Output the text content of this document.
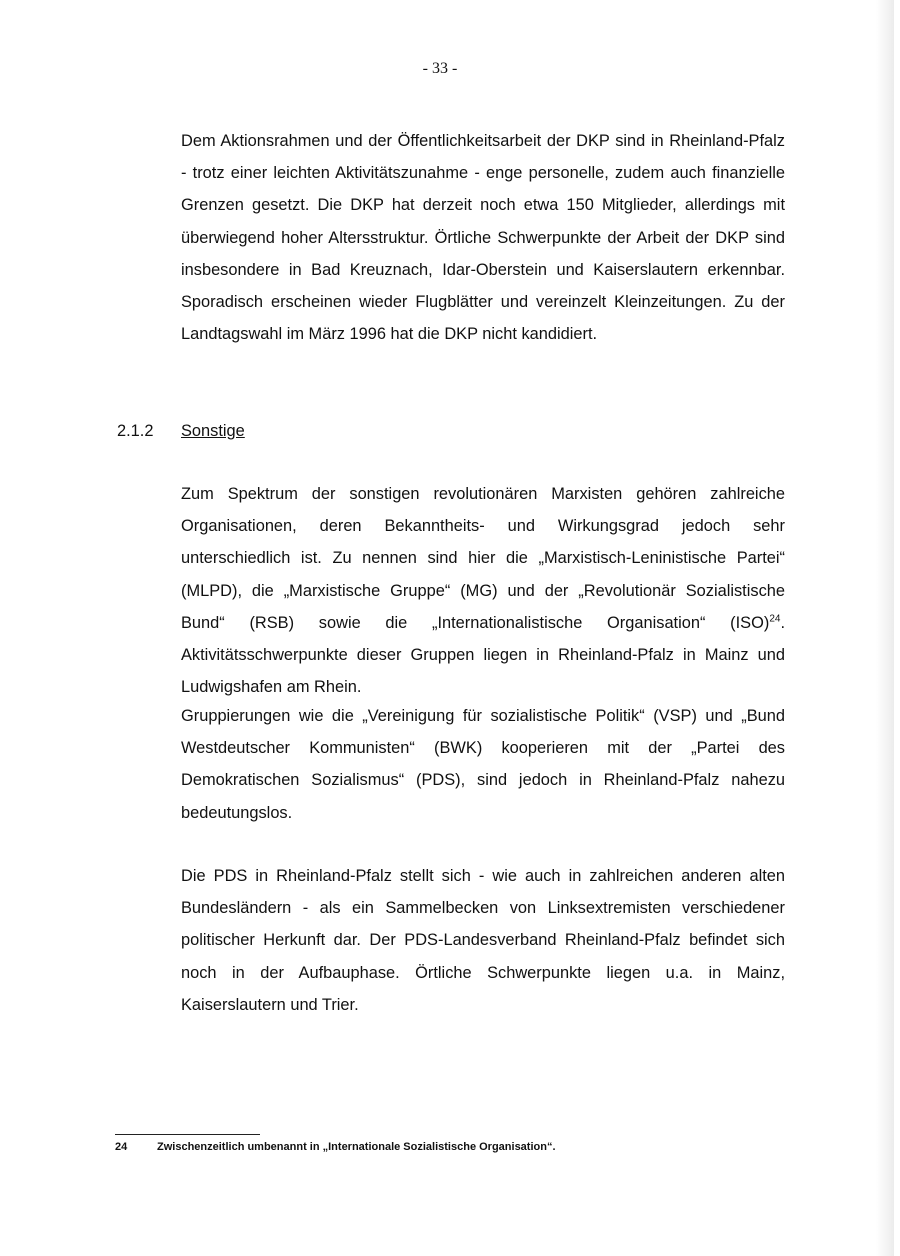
- 33 -

Dem Aktionsrahmen und der Öffentlichkeitsarbeit der DKP sind in Rheinland-Pfalz - trotz einer leichten Aktivitätszunahme - enge personelle, zudem auch finanzielle Grenzen gesetzt. Die DKP hat derzeit noch etwa 150 Mitglieder, allerdings mit überwiegend hoher Altersstruktur. Örtliche Schwerpunkte der Arbeit der DKP sind insbesondere in Bad Kreuznach, Idar-Oberstein und Kaiserslautern erkennbar. Sporadisch erscheinen wieder Flugblätter und vereinzelt Kleinzeitungen. Zu der Landtagswahl im März 1996 hat die DKP nicht kandidiert.

2.1.2 Sonstige

Zum Spektrum der sonstigen revolutionären Marxisten gehören zahlreiche Organisationen, deren Bekanntheits- und Wirkungsgrad jedoch sehr unterschiedlich ist. Zu nennen sind hier die „Marxistisch-Leninistische Partei“ (MLPD), die „Marxistische Gruppe“ (MG) und der „Revolutionär Sozialistische Bund“ (RSB) sowie die „Internationalistische Organisation“ (ISO)$^{24}$. Aktivitätsschwerpunkte dieser Gruppen liegen in Rheinland-Pfalz in Mainz und Ludwigshafen am Rhein.

Gruppierungen wie die „Vereinigung für sozialistische Politik“ (VSP) und „Bund Westdeutscher Kommunisten“ (BWK) kooperieren mit der „Partei des Demokratischen Sozialismus“ (PDS), sind jedoch in Rheinland-Pfalz nahezu bedeutungslos.

Die PDS in Rheinland-Pfalz stellt sich - wie auch in zahlreichen anderen alten Bundesländern - als ein Sammelbecken von Linksextremisten verschiedener politischer Herkunft dar. Der PDS-Landesverband Rheinland-Pfalz befindet sich noch in der Aufbauphase. Örtliche Schwerpunkte liegen u.a. in Mainz, Kaiserslautern und Trier.

24	Zwischenzeitlich umbenannt in „Internationale Sozialistische Organisation“.
